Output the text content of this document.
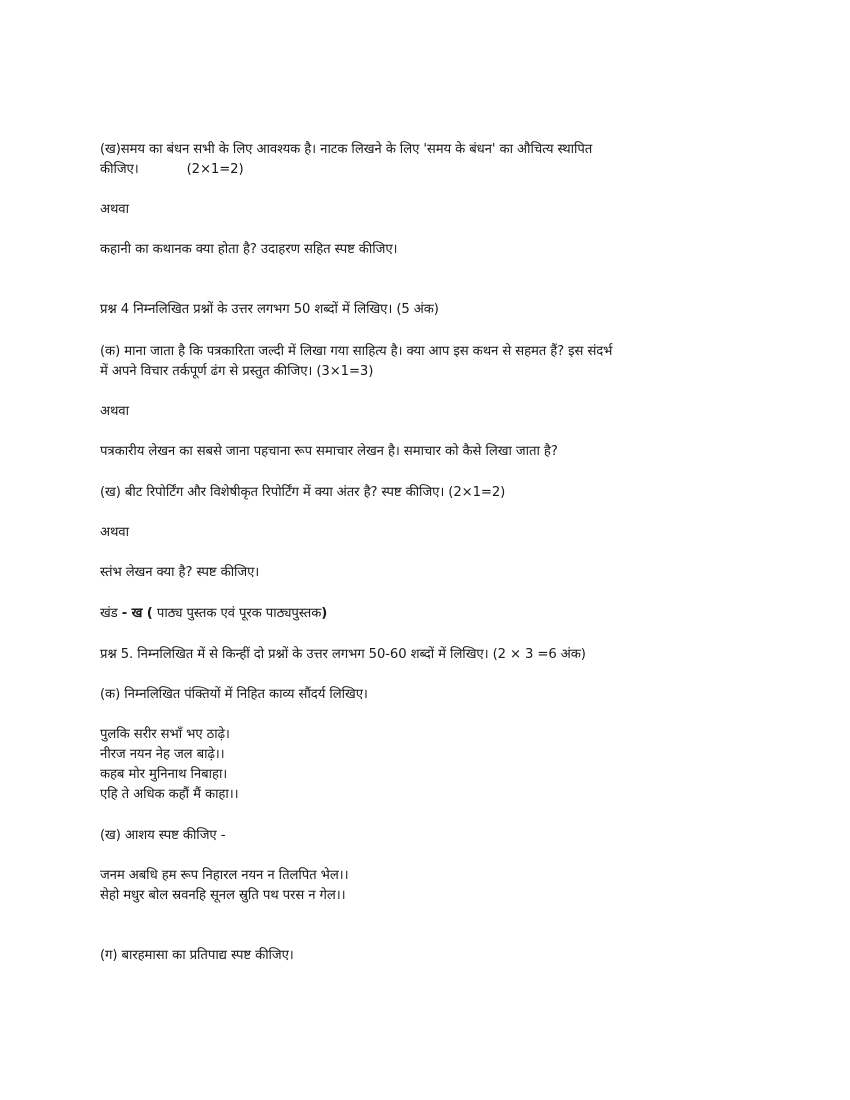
(ख)समय का बंधन सभी के लिए आवश्यक है। नाटक लिखने के लिए 'समय के बंधन' का औचित्य स्थापित
कीजिए।	(2×1=2)
अथवा
कहानी का कथानक क्या होता है? उदाहरण सहित स्पष्ट कीजिए।
प्रश्न 4 निम्नलिखित प्रश्नों के उत्तर लगभग 50 शब्दों में लिखिए। (5 अंक)
(क) माना जाता है कि पत्रकारिता जल्दी में लिखा गया साहित्य है। क्या आप इस कथन से सहमत हैं? इस संदर्भ
में अपने विचार तर्कपूर्ण ढंग से प्रस्तुत कीजिए। (3×1=3)
अथवा
पत्रकारीय लेखन का सबसे जाना पहचाना रूप समाचार लेखन है। समाचार को कैसे लिखा जाता है?
(ख) बीट रिपोर्टिंग और विशेषीकृत रिपोर्टिंग में क्या अंतर है? स्पष्ट कीजिए। (2×1=2)
अथवा
स्तंभ लेखन क्या है? स्पष्ट कीजिए।
खंड - ख ( पाठ्य पुस्तक एवं पूरक पाठ्यपुस्तक)
प्रश्न 5. निम्नलिखित में से किन्हीं दो प्रश्नों के उत्तर लगभग 50-60 शब्दों में लिखिए। (2 × 3 =6 अंक)
(क) निम्नलिखित पंक्तियों में निहित काव्य सौंदर्य लिखिए।
पुलकि सरीर सभाँ भए ठाढ़े।
नीरज नयन नेह जल बाढ़े।।
कहब मोर मुनिनाथ निबाहा।
एहि ते अधिक कहौं मैं काहा।।
(ख) आशय स्पष्ट कीजिए -
जनम अबधि हम रूप निहारल नयन न तिलपित भेल।।
सेहो मधुर बोल स्रवनहि सूनल स्रुति पथ परस न गेल।।
(ग) बारहमासा का प्रतिपाद्य स्पष्ट कीजिए।
